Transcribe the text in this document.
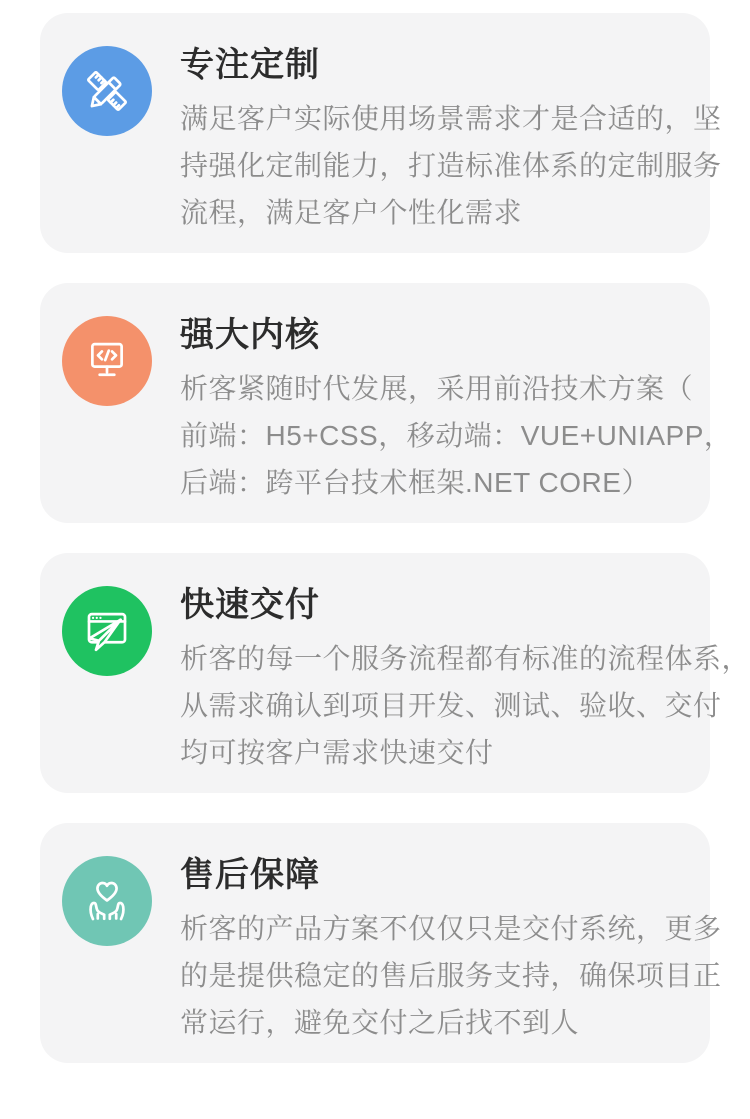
专注定制
满足客户实际使用场景需求才是合适的，坚
持强化定制能力，打造标准体系的定制服务
流程，满足客户个性化需求
强大内核
析客紧随时代发展，采用前沿技术方案（
前端：H5+CSS，移动端：VUE+UNIAPP，
后端：跨平台技术框架.NET CORE）
快速交付
析客的每一个服务流程都有标准的流程体系，
从需求确认到项目开发、测试、验收、交付
均可按客户需求快速交付
售后保障
析客的产品方案不仅仅只是交付系统，更多
的是提供稳定的售后服务支持，确保项目正
常运行，避免交付之后找不到人
